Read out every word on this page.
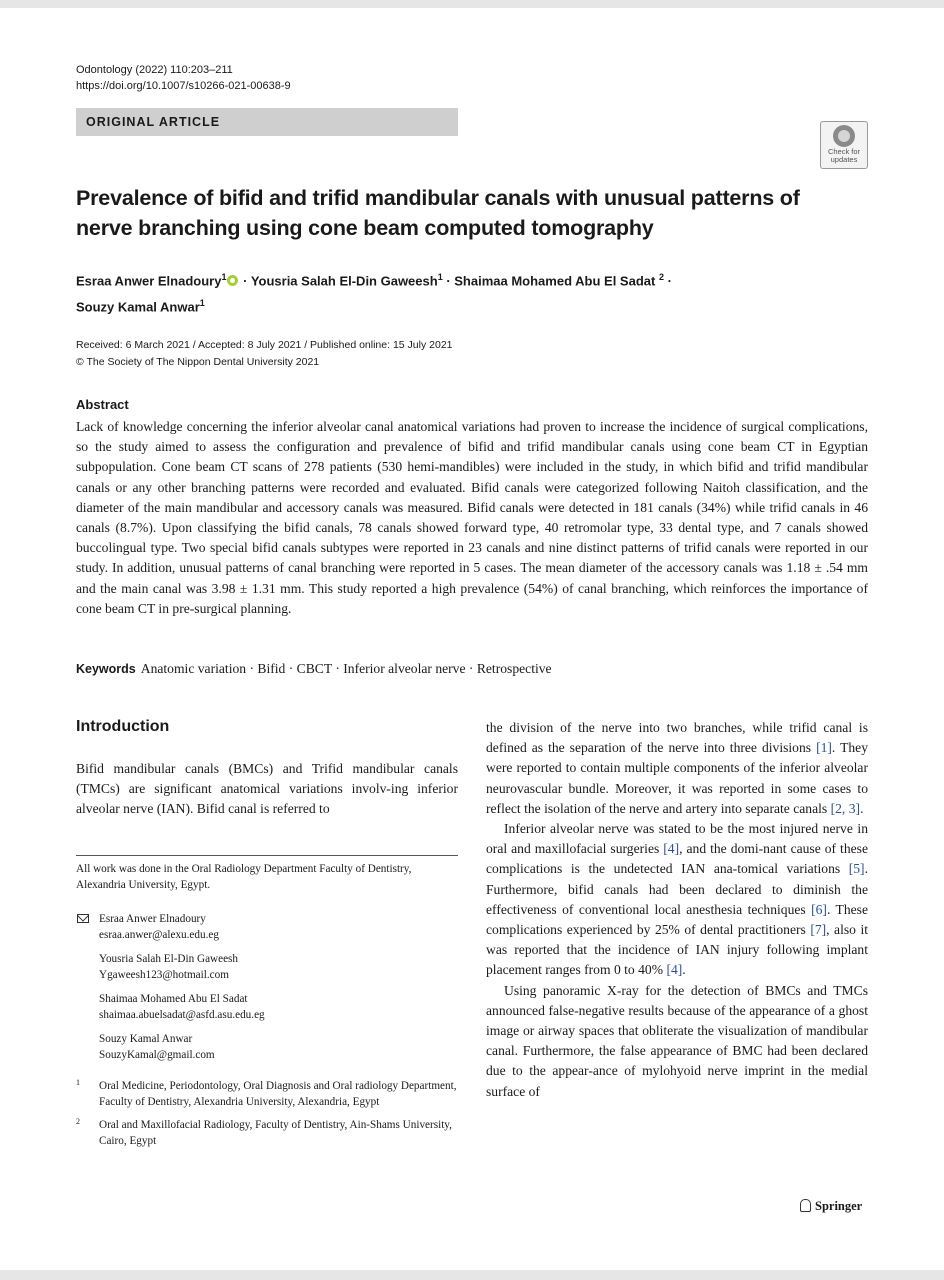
Odontology (2022) 110:203–211
https://doi.org/10.1007/s10266-021-00638-9
ORIGINAL ARTICLE
Check for
updates
Prevalence of bifid and trifid mandibular canals with unusual patterns of nerve branching using cone beam computed tomography
Esraa Anwer Elnadoury$^1$ · Yousria Salah El-Din Gaweesh$^1$ · Shaimaa Mohamed Abu El Sadat $^2$ ·
Souzy Kamal Anwar$^1$
Received: 6 March 2021 / Accepted: 8 July 2021 / Published online: 15 July 2021
© The Society of The Nippon Dental University 2021
Abstract
Lack of knowledge concerning the inferior alveolar canal anatomical variations had proven to increase the incidence of surgical complications, so the study aimed to assess the configuration and prevalence of bifid and trifid mandibular canals using cone beam CT in Egyptian subpopulation. Cone beam CT scans of 278 patients (530 hemi-mandibles) were included in the study, in which bifid and trifid mandibular canals or any other branching patterns were recorded and evaluated. Bifid canals were categorized following Naitoh classification, and the diameter of the main mandibular and accessory canals was measured. Bifid canals were detected in 181 canals (34%) while trifid canals in 46 canals (8.7%). Upon classifying the bifid canals, 78 canals showed forward type, 40 retromolar type, 33 dental type, and 7 canals showed buccolingual type. Two special bifid canals subtypes were reported in 23 canals and nine distinct patterns of trifid canals were reported in our study. In addition, unusual patterns of canal branching were reported in 5 cases. The mean diameter of the accessory canals was 1.18 ± .54 mm and the main canal was 3.98 ± 1.31 mm. This study reported a high prevalence (54%) of canal branching, which reinforces the importance of cone beam CT in pre-surgical planning.
Keywords Anatomic variation · Bifid · CBCT · Inferior alveolar nerve · Retrospective
Introduction
Bifid mandibular canals (BMCs) and Trifid mandibular canals (TMCs) are significant anatomical variations involv-ing inferior alveolar nerve (IAN). Bifid canal is referred to
All work was done in the Oral Radiology Department Faculty of Dentistry, Alexandria University, Egypt.
Esraa Anwer Elnadoury
esraa.anwer@alexu.edu.eg
Yousria Salah El-Din Gaweesh
Ygaweesh123@hotmail.com
Shaimaa Mohamed Abu El Sadat
shaimaa.abuelsadat@asfd.asu.edu.eg
Souzy Kamal Anwar
SouzyKamal@gmail.com
1 Oral Medicine, Periodontology, Oral Diagnosis and Oral radiology Department, Faculty of Dentistry, Alexandria University, Alexandria, Egypt
2 Oral and Maxillofacial Radiology, Faculty of Dentistry, Ain-Shams University, Cairo, Egypt

the division of the nerve into two branches, while trifid canal is defined as the separation of the nerve into three divisions [1]. They were reported to contain multiple components of the inferior alveolar neurovascular bundle. Moreover, it was reported in some cases to reflect the isolation of the nerve and artery into separate canals [2, 3].

Inferior alveolar nerve was stated to be the most injured nerve in oral and maxillofacial surgeries [4], and the domi-nant cause of these complications is the undetected IAN ana-tomical variations [5]. Furthermore, bifid canals had been declared to diminish the effectiveness of conventional local anesthesia techniques [6]. These complications experienced by 25% of dental practitioners [7], also it was reported that the incidence of IAN injury following implant placement ranges from 0 to 40% [4].

Using panoramic X-ray for the detection of BMCs and TMCs announced false-negative results because of the appearance of a ghost image or airway spaces that obliterate the visualization of mandibular canal. Furthermore, the false appearance of BMC had been declared due to the appear-ance of mylohyoid nerve imprint in the medial surface of

Springer
